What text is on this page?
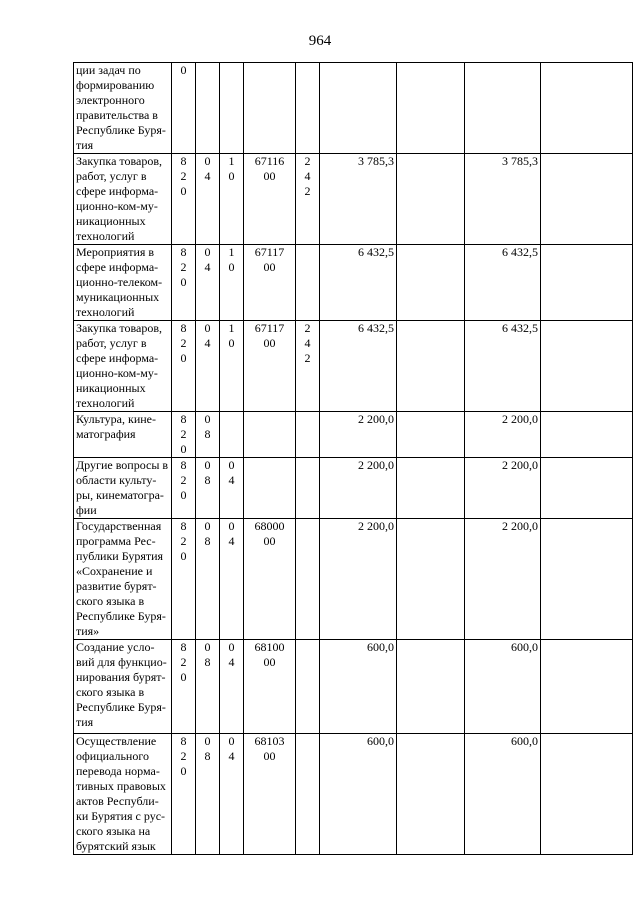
964
ции задач по формированию электронного правительства в Республике Буря-тия	0								
Закупка товаров, работ, услуг в сфере информа-ционно-ком-му-никационных технологий	820	04	10	6711600	242	3 785,3		3 785,3	
Мероприятия в сфере информа-ционно-телеком-муникационных технологий	820	04	10	6711700		6 432,5		6 432,5	
Закупка товаров, работ, услуг в сфере информа-ционно-ком-му-никационных технологий	820	04	10	6711700	242	6 432,5		6 432,5	
Культура, кине-матография	820	08				2 200,0		2 200,0	
Другие вопросы в области культу-ры, кинематогра-фии	820	08	04			2 200,0		2 200,0	
Государственная программа Рес-публики Бурятия «Сохранение и развитие бурят-ского языка в Республике Буря-тия»	820	08	04	6800000		2 200,0		2 200,0	
Создание усло-вий для функцио-нирования бурят-ского языка в Республике Буря-тия	820	08	04	6810000		600,0		600,0	
Осуществление официального перевода норма-тивных правовых актов Республи-ки Бурятия с рус-ского языка на бурятский язык	820	08	04	6810300		600,0		600,0	
